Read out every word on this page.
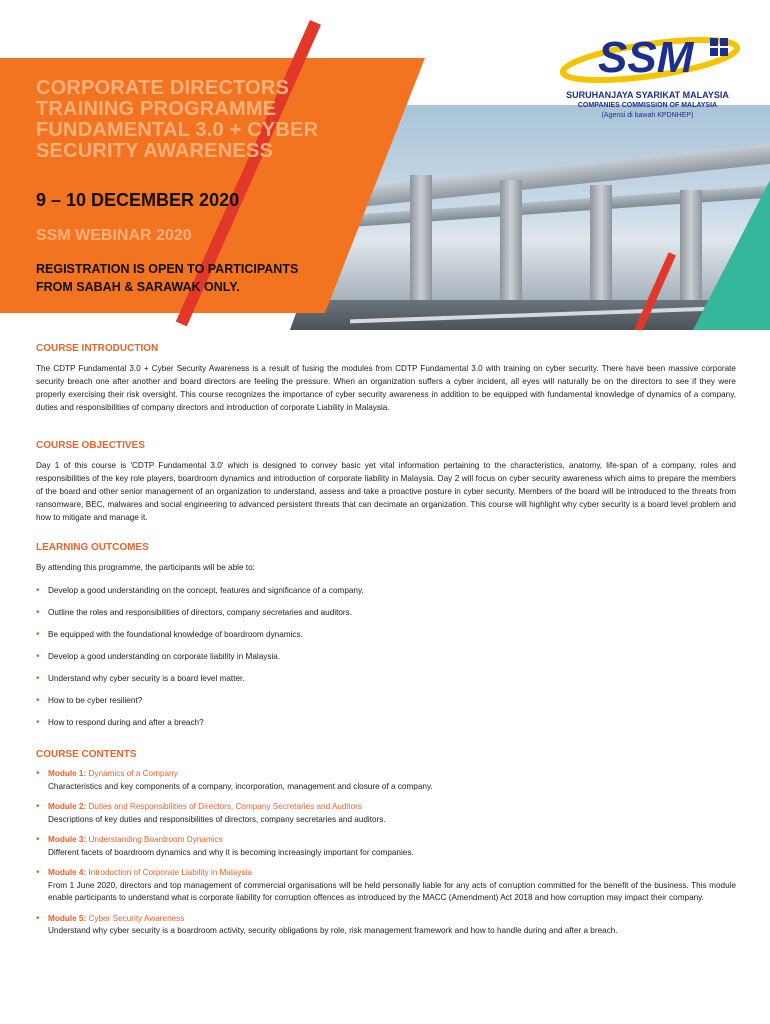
CORPORATE DIRECTORS TRAINING PROGRAMME FUNDAMENTAL 3.0 + CYBER SECURITY AWARENESS
9 – 10 DECEMBER 2020
SSM WEBINAR 2020
REGISTRATION IS OPEN TO PARTICIPANTS FROM SABAH & SARAWAK ONLY.
SSM
SURUHANJAYA SYARIKAT MALAYSIA
COMPANIES COMMISSION OF MALAYSIA
(Agensi di bawah KPDNHEP)
COURSE INTRODUCTION

The CDTP Fundamental 3.0 + Cyber Security Awareness is a result of fusing the modules from CDTP Fundamental 3.0 with training on cyber security. There have been massive corporate security breach one after another and board directors are feeling the pressure. When an organization suffers a cyber incident, all eyes will naturally be on the directors to see if they were properly exercising their risk oversight. This course recognizes the importance of cyber security awareness in addition to be equipped with fundamental knowledge of dynamics of a company, duties and responsibilities of company directors and introduction of corporate Liability in Malaysia.

COURSE OBJECTIVES

Day 1 of this course is 'CDTP Fundamental 3.0' which is designed to convey basic yet vital information pertaining to the characteristics, anatomy, life-span of a company, roles and responsibilities of the key role players, boardroom dynamics and introduction of corporate liability in Malaysia. Day 2 will focus on cyber security awareness which aims to prepare the members of the board and other senior management of an organization to understand, assess and take a proactive posture in cyber security. Members of the board will be introduced to the threats from ransomware, BEC, malwares and social engineering to advanced persistent threats that can decimate an organization. This course will highlight why cyber security is a board level problem and how to mitigate and manage it.

LEARNING OUTCOMES

By attending this programme, the participants will be able to:

• Develop a good understanding on the concept, features and significance of a company.
• Outline the roles and responsibilities of directors, company secretaries and auditors.
• Be equipped with the foundational knowledge of boardroom dynamics.
• Develop a good understanding on corporate liability in Malaysia.
• Understand why cyber security is a board level matter.
• How to be cyber resilient?
• How to respond during and after a breach?
COURSE CONTENTS
• Module 1: Dynamics of a Company
Characteristics and key components of a company, incorporation, management and closure of a company.
• Module 2: Duties and Responsibilities of Directors, Company Secretaries and Auditors
Descriptions of key duties and responsibilities of directors, company secretaries and auditors.
• Module 3: Understanding Boardroom Dynamics
Different facets of boardroom dynamics and why it is becoming increasingly important for companies.
• Module 4: Introduction of Corporate Liability in Malaysia
From 1 June 2020, directors and top management of commercial organisations will be held personally liable for any acts of corruption committed for the benefit of the business. This module enable participants to understand what is corporate liability for corruption offences as introduced by the MACC (Amendment) Act 2018 and how corruption may impact their company.
• Module 5: Cyber Security Awareness
Understand why cyber security is a boardroom activity, security obligations by role, risk management framework and how to handle during and after a breach.
